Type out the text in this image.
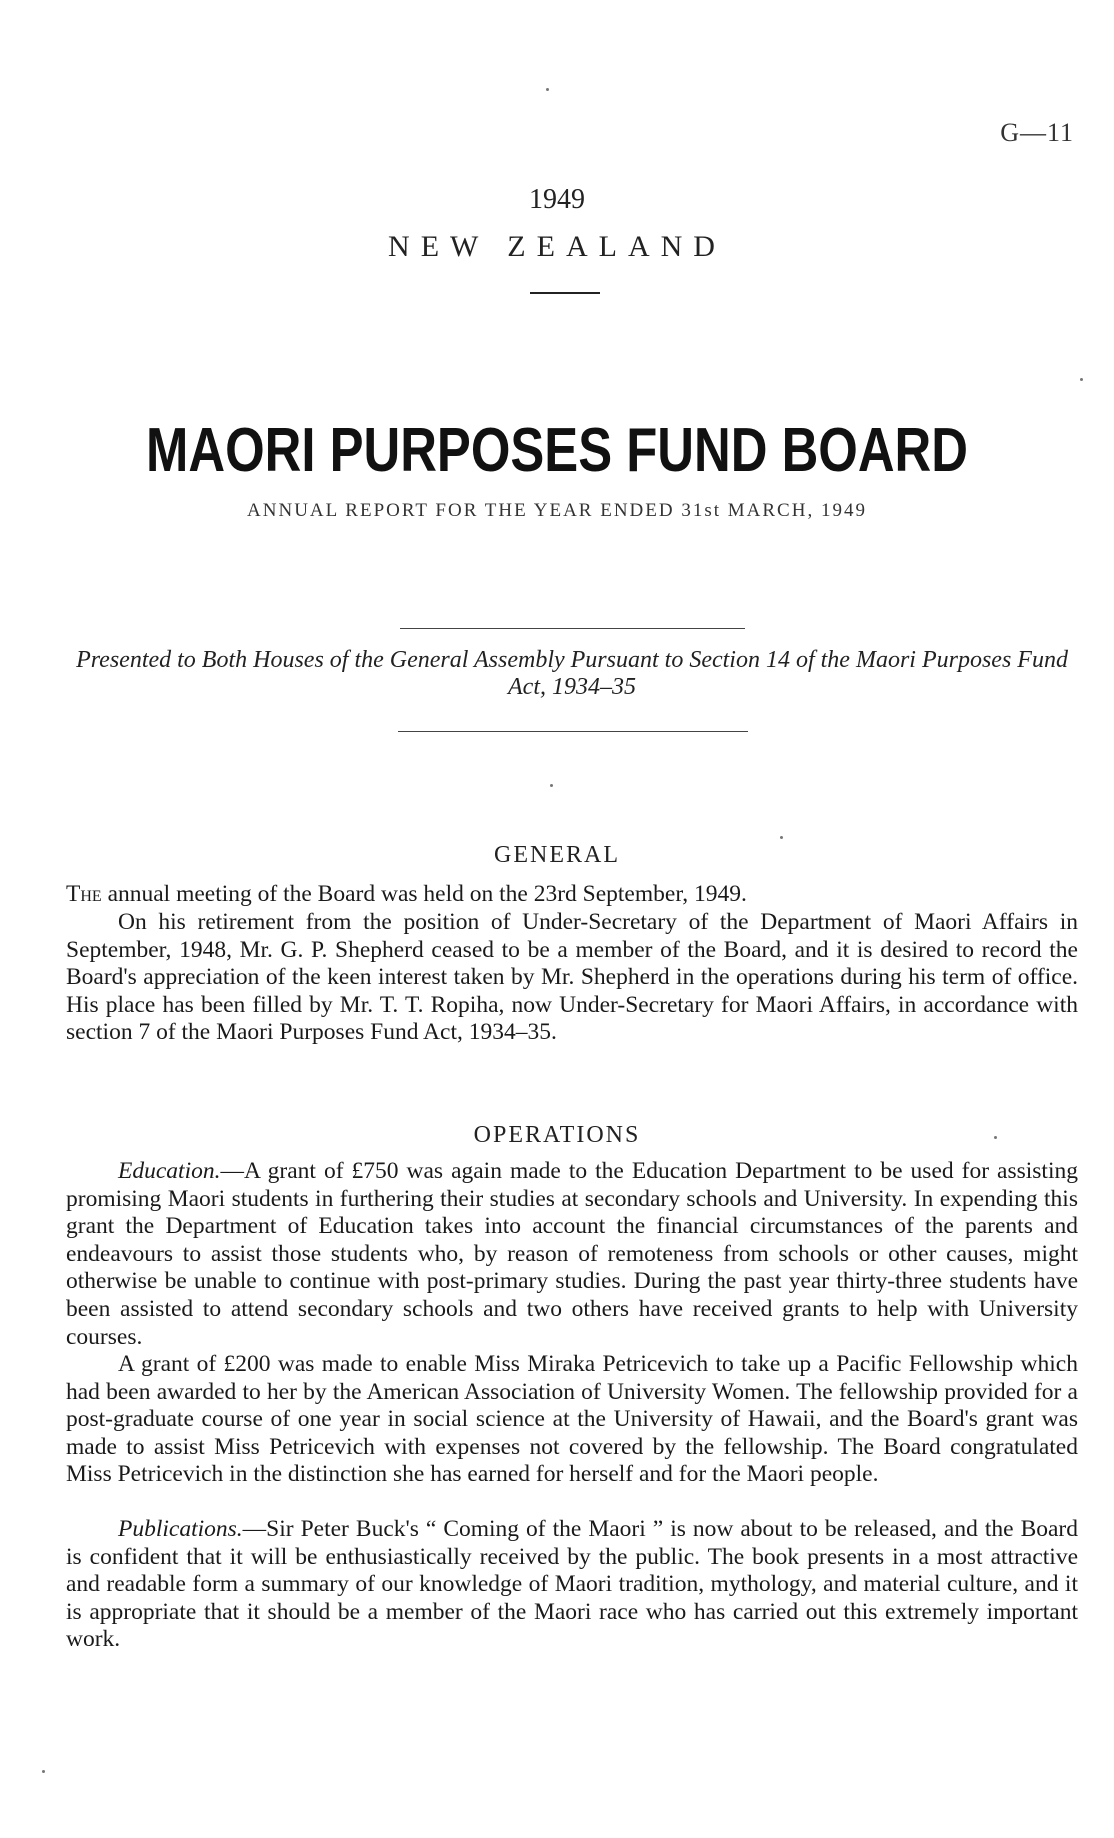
G—11
1949
NEW ZEALAND
MAORI PURPOSES FUND BOARD
ANNUAL REPORT FOR THE YEAR ENDED 31st MARCH, 1949
Presented to Both Houses of the General Assembly Pursuant to Section 14 of the Maori Purposes Fund Act, 1934–35
GENERAL
The annual meeting of the Board was held on the 23rd September, 1949.
On his retirement from the position of Under-Secretary of the Department of Maori Affairs in September, 1948, Mr. G. P. Shepherd ceased to be a member of the Board, and it is desired to record the Board's appreciation of the keen interest taken by Mr. Shepherd in the operations during his term of office. His place has been filled by Mr. T. T. Ropiha, now Under-Secretary for Maori Affairs, in accordance with section 7 of the Maori Purposes Fund Act, 1934–35.
OPERATIONS
Education.—A grant of £750 was again made to the Education Department to be used for assisting promising Maori students in furthering their studies at secondary schools and University. In expending this grant the Department of Education takes into account the financial circumstances of the parents and endeavours to assist those students who, by reason of remoteness from schools or other causes, might otherwise be unable to continue with post-primary studies. During the past year thirty-three students have been assisted to attend secondary schools and two others have received grants to help with University courses.
A grant of £200 was made to enable Miss Miraka Petricevich to take up a Pacific Fellowship which had been awarded to her by the American Association of University Women. The fellowship provided for a post-graduate course of one year in social science at the University of Hawaii, and the Board's grant was made to assist Miss Petricevich with expenses not covered by the fellowship. The Board congratulated Miss Petricevich in the distinction she has earned for herself and for the Maori people.
Publications.—Sir Peter Buck's “ Coming of the Maori ” is now about to be released, and the Board is confident that it will be enthusiastically received by the public. The book presents in a most attractive and readable form a summary of our knowledge of Maori tradition, mythology, and material culture, and it is appropriate that it should be a member of the Maori race who has carried out this extremely important work.
